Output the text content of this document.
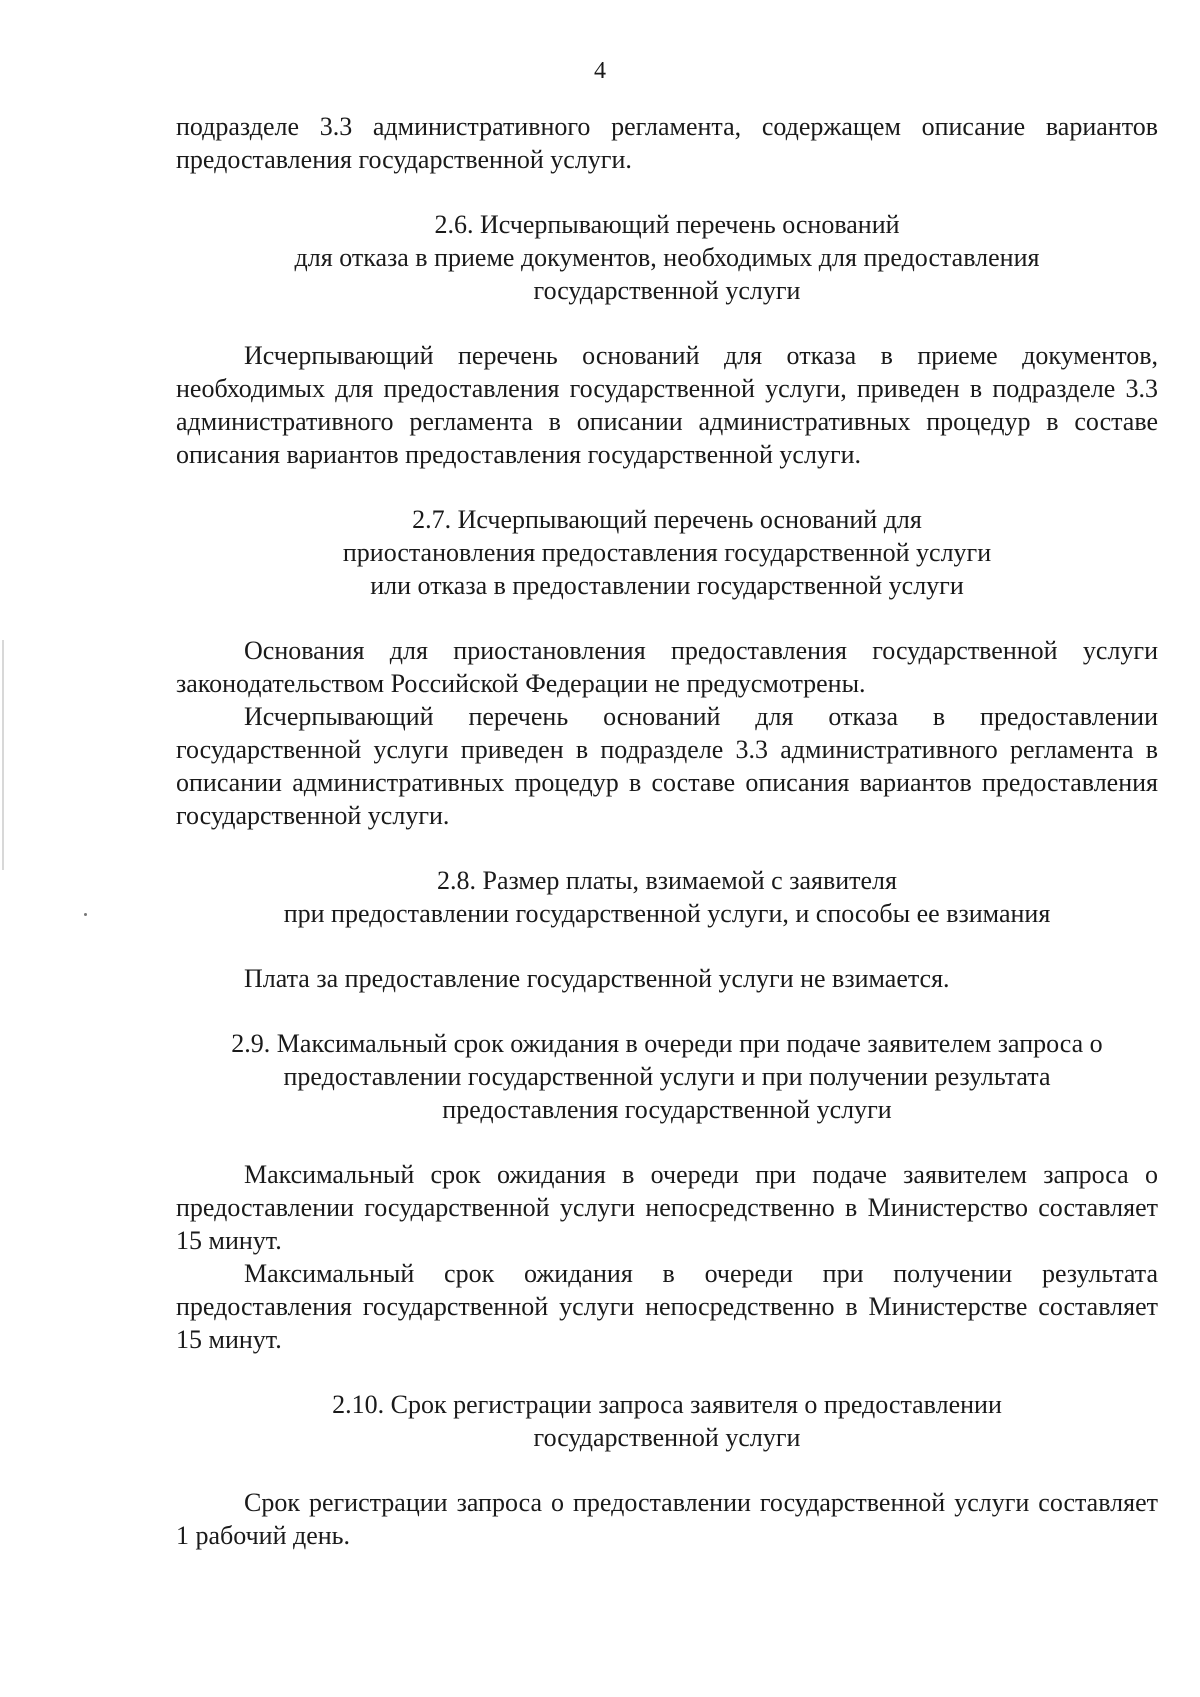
4

подразделе 3.3 административного регламента, содержащем описание вариантов предоставления государственной услуги.

2.6. Исчерпывающий перечень оснований
для отказа в приеме документов, необходимых для предоставления
государственной услуги

Исчерпывающий перечень оснований для отказа в приеме документов, необходимых для предоставления государственной услуги, приведен в подразделе 3.3 административного регламента в описании административных процедур в составе описания вариантов предоставления государственной услуги.

2.7. Исчерпывающий перечень оснований для
приостановления предоставления государственной услуги
или отказа в предоставлении государственной услуги

Основания для приостановления предоставления государственной услуги законодательством Российской Федерации не предусмотрены.

Исчерпывающий перечень оснований для отказа в предоставлении государственной услуги приведен в подразделе 3.3 административного регламента в описании административных процедур в составе описания вариантов предоставления государственной услуги.

2.8. Размер платы, взимаемой с заявителя
при предоставлении государственной услуги, и способы ее взимания

Плата за предоставление государственной услуги не взимается.

2.9. Максимальный срок ожидания в очереди при подаче заявителем запроса о
предоставлении государственной услуги и при получении результата
предоставления государственной услуги

Максимальный срок ожидания в очереди при подаче заявителем запроса о предоставлении государственной услуги непосредственно в Министерство составляет 15 минут.

Максимальный срок ожидания в очереди при получении результата предоставления государственной услуги непосредственно в Министерстве составляет 15 минут.

2.10. Срок регистрации запроса заявителя о предоставлении
государственной услуги

Срок регистрации запроса о предоставлении государственной услуги составляет 1 рабочий день.
